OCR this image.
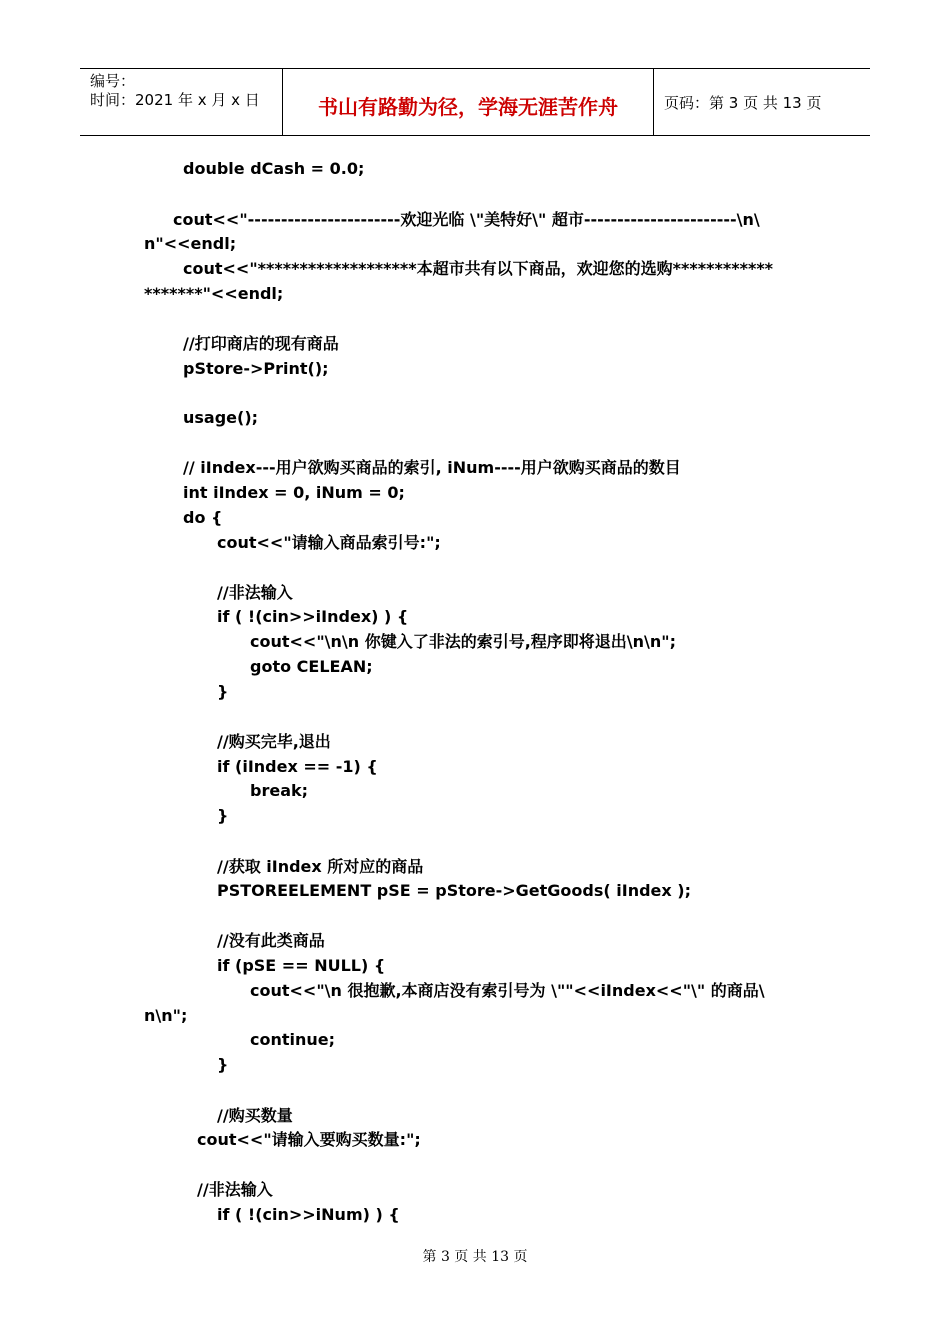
编号：
时间：2021 年 x 月 x 日	书山有路勤为径，学海无涯苦作舟	页码：第 3 页 共 13 页
double dCash = 0.0;
cout<<"-----------------------欢迎光临 \"美特好\" 超市-----------------------\n\
n"<<endl;
cout<<"*******************本超市共有以下商品，欢迎您的选购************
*******"<<endl;
//打印商店的现有商品
pStore->Print();
usage();
// iIndex---用户欲购买商品的索引, iNum----用户欲购买商品的数目
int iIndex = 0, iNum = 0;
do {
cout<<"请输入商品索引号:";
//非法输入
if ( !(cin>>iIndex) ) {
cout<<"\n\n 你键入了非法的索引号,程序即将退出\n\n";
goto CELEAN;
}
//购买完毕,退出
if (iIndex == -1) {
break;
}
//获取 iIndex 所对应的商品
PSTOREELEMENT pSE = pStore->GetGoods( iIndex );
//没有此类商品
if (pSE == NULL) {
cout<<"\n 很抱歉,本商店没有索引号为 \""<<iIndex<<"\" 的商品\
n\n";
continue;
}
//购买数量
cout<<"请输入要购买数量:";
//非法输入
if ( !(cin>>iNum) ) {
第 3 页 共 13 页
